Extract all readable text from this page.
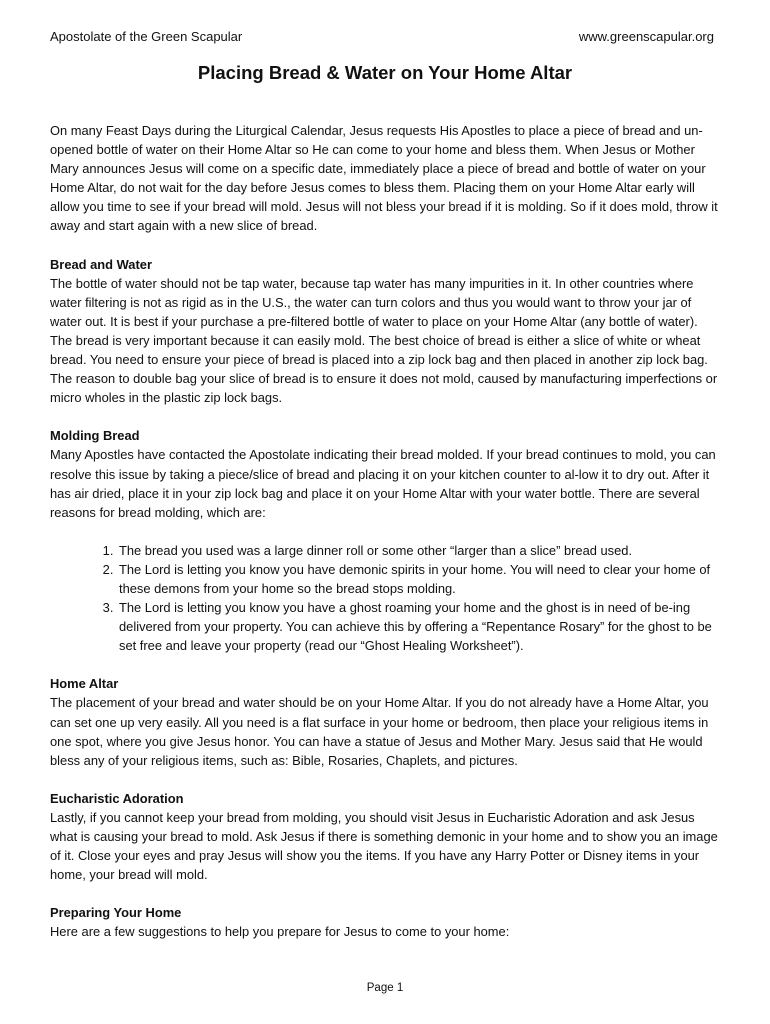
Apostolate of the Green Scapular	www.greenscapular.org
Placing Bread & Water on Your Home Altar

On many Feast Days during the Liturgical Calendar, Jesus requests His Apostles to place a piece of bread and un-opened bottle of water on their Home Altar so He can come to your home and bless them. When Jesus or Mother Mary announces Jesus will come on a specific date, immediately place a piece of bread and bottle of water on your Home Altar, do not wait for the day before Jesus comes to bless them. Placing them on your Home Altar early will allow you time to see if your bread will mold. Jesus will not bless your bread if it is molding. So if it does mold, throw it away and start again with a new slice of bread.

Bread and Water

The bottle of water should not be tap water, because tap water has many impurities in it. In other countries where water filtering is not as rigid as in the U.S., the water can turn colors and thus you would want to throw your jar of water out. It is best if your purchase a pre-filtered bottle of water to place on your Home Altar (any bottle of water). The bread is very important because it can easily mold. The best choice of bread is either a slice of white or wheat bread. You need to ensure your piece of bread is placed into a zip lock bag and then placed in another zip lock bag. The reason to double bag your slice of bread is to ensure it does not mold, caused by manufacturing imperfections or micro wholes in the plastic zip lock bags.

Molding Bread

Many Apostles have contacted the Apostolate indicating their bread molded. If your bread continues to mold, you can resolve this issue by taking a piece/slice of bread and placing it on your kitchen counter to al-low it to dry out. After it has air dried, place it in your zip lock bag and place it on your Home Altar with your water bottle. There are several reasons for bread molding, which are:

1. The bread you used was a large dinner roll or some other “larger than a slice” bread used.
2. The Lord is letting you know you have demonic spirits in your home. You will need to clear your home of these demons from your home so the bread stops molding.
3. The Lord is letting you know you have a ghost roaming your home and the ghost is in need of be-ing delivered from your property. You can achieve this by offering a “Repentance Rosary” for the ghost to be set free and leave your property (read our “Ghost Healing Worksheet”).
Home Altar

The placement of your bread and water should be on your Home Altar. If you do not already have a Home Altar, you can set one up very easily. All you need is a flat surface in your home or bedroom, then place your religious items in one spot, where you give Jesus honor. You can have a statue of Jesus and Mother Mary. Jesus said that He would bless any of your religious items, such as: Bible, Rosaries, Chaplets, and pictures.

Eucharistic Adoration

Lastly, if you cannot keep your bread from molding, you should visit Jesus in Eucharistic Adoration and ask Jesus what is causing your bread to mold. Ask Jesus if there is something demonic in your home and to show you an image of it. Close your eyes and pray Jesus will show you the items. If you have any Harry Potter or Disney items in your home, your bread will mold.

Preparing Your Home

Here are a few suggestions to help you prepare for Jesus to come to your home:

Page 1
